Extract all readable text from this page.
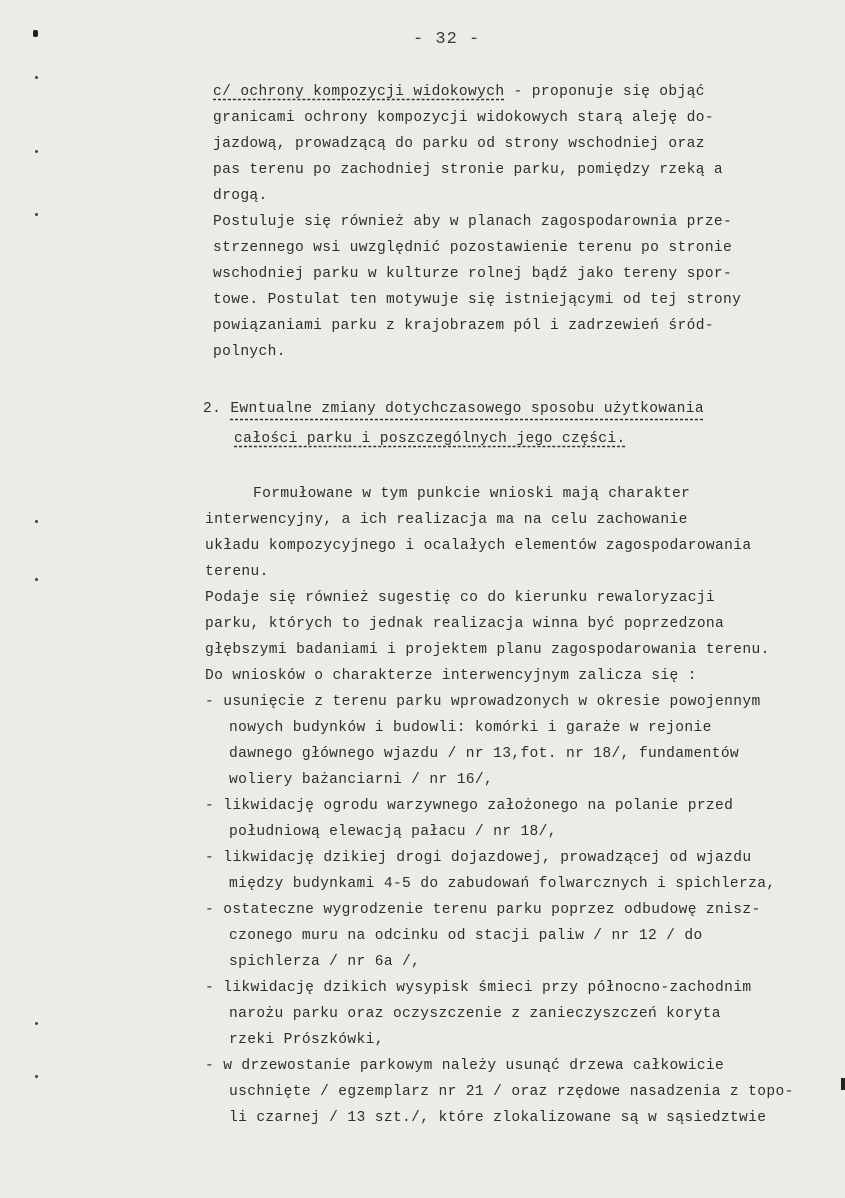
- 32 -
c/ ochrony kompozycji widokowych - proponuje się objąć
granicami ochrony kompozycji widokowych starą aleję do-
jazdową, prowadzącą do parku od strony wschodniej oraz
pas terenu po zachodniej stronie parku, pomiędzy rzeką a
drogą.
Postuluje się również aby w planach zagospodarownia prze-
strzennego wsi uwzględnić pozostawienie terenu po stronie
wschodniej parku w kulturze rolnej bądź jako tereny spor-
towe. Postulat ten motywuje się istniejącymi od tej strony
powiązaniami parku z krajobrazem pól i zadrzewień śród-
polnych.
2. Ewntualne zmiany dotychczasowego sposobu użytkowania
całości parku i poszczególnych jego części.
Formułowane w tym punkcie wnioski mają charakter
interwencyjny, a ich realizacja ma na celu zachowanie
układu kompozycyjnego i ocalałych elementów zagospodarowania
terenu.
Podaje się również sugestię co do kierunku rewaloryzacji
parku, których to jednak realizacja winna być poprzedzona
głębszymi badaniami i projektem planu zagospodarowania terenu.
Do wniosków o charakterze interwencyjnym zalicza się :
- usunięcie z terenu parku wprowadzonych w okresie powojennym
nowych budynków i budowli: komórki i garaże w rejonie
dawnego głównego wjazdu / nr 13,fot. nr 18/, fundamentów
woliery bażanciarni / nr 16/,
- likwidację ogrodu warzywnego założonego na polanie przed
południową elewacją pałacu / nr 18/,
- likwidację dzikiej drogi dojazdowej, prowadzącej od wjazdu
między budynkami 4-5 do zabudowań folwarcznych i spichlerza,
- ostateczne wygrodzenie terenu parku poprzez odbudowę znisz-
czonego muru na odcinku od stacji paliw / nr 12 / do
spichlerza / nr 6a /,
- likwidację dzikich wysypisk śmieci przy północno-zachodnim
narożu parku oraz oczyszczenie z zanieczyszczeń koryta
rzeki Prószkówki,
- w drzewostanie parkowym należy usunąć drzewa całkowicie
uschnięte / egzemplarz nr 21 / oraz rzędowe nasadzenia z topo-
li czarnej / 13 szt./, które zlokalizowane są w sąsiedztwie
